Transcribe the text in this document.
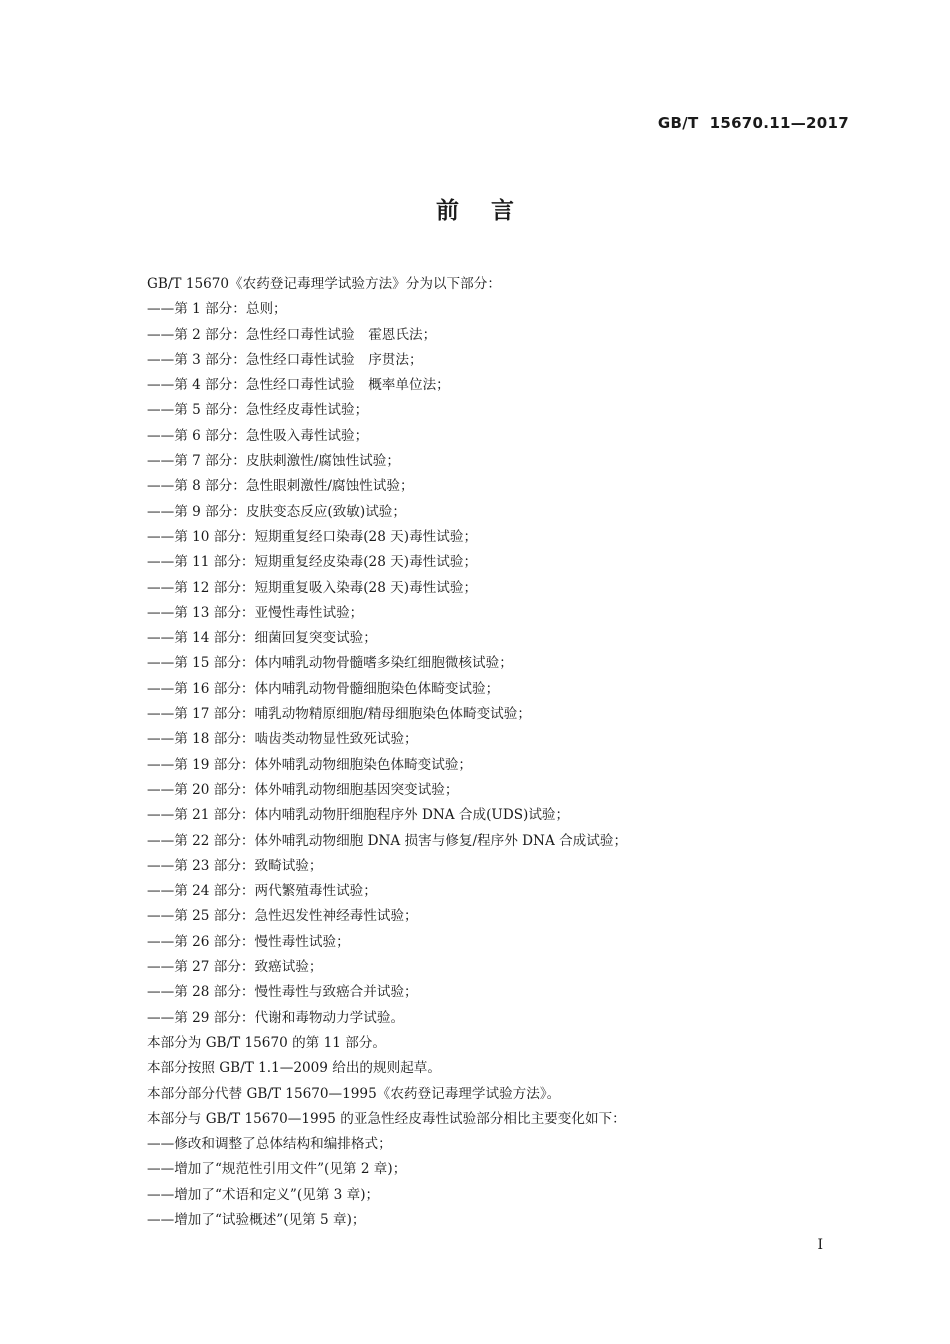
GB/T  15670.11—2017
前    言
GB/T 15670《农药登记毒理学试验方法》分为以下部分：
——第 1 部分：总则；
——第 2 部分：急性经口毒性试验　霍恩氏法；
——第 3 部分：急性经口毒性试验　序贯法；
——第 4 部分：急性经口毒性试验　概率单位法；
——第 5 部分：急性经皮毒性试验；
——第 6 部分：急性吸入毒性试验；
——第 7 部分：皮肤刺激性/腐蚀性试验；
——第 8 部分：急性眼刺激性/腐蚀性试验；
——第 9 部分：皮肤变态反应(致敏)试验；
——第 10 部分：短期重复经口染毒(28 天)毒性试验；
——第 11 部分：短期重复经皮染毒(28 天)毒性试验；
——第 12 部分：短期重复吸入染毒(28 天)毒性试验；
——第 13 部分：亚慢性毒性试验；
——第 14 部分：细菌回复突变试验；
——第 15 部分：体内哺乳动物骨髓嗜多染红细胞微核试验；
——第 16 部分：体内哺乳动物骨髓细胞染色体畸变试验；
——第 17 部分：哺乳动物精原细胞/精母细胞染色体畸变试验；
——第 18 部分：啮齿类动物显性致死试验；
——第 19 部分：体外哺乳动物细胞染色体畸变试验；
——第 20 部分：体外哺乳动物细胞基因突变试验；
——第 21 部分：体内哺乳动物肝细胞程序外 DNA 合成(UDS)试验；
——第 22 部分：体外哺乳动物细胞 DNA 损害与修复/程序外 DNA 合成试验；
——第 23 部分：致畸试验；
——第 24 部分：两代繁殖毒性试验；
——第 25 部分：急性迟发性神经毒性试验；
——第 26 部分：慢性毒性试验；
——第 27 部分：致癌试验；
——第 28 部分：慢性毒性与致癌合并试验；
——第 29 部分：代谢和毒物动力学试验。
本部分为 GB/T 15670 的第 11 部分。
本部分按照 GB/T 1.1—2009 给出的规则起草。
本部分部分代替 GB/T 15670—1995《农药登记毒理学试验方法》。
本部分与 GB/T 15670—1995 的亚急性经皮毒性试验部分相比主要变化如下：
——修改和调整了总体结构和编排格式；
——增加了“规范性引用文件”(见第 2 章)；
——增加了“术语和定义”(见第 3 章)；
——增加了“试验概述”(见第 5 章)；
I
